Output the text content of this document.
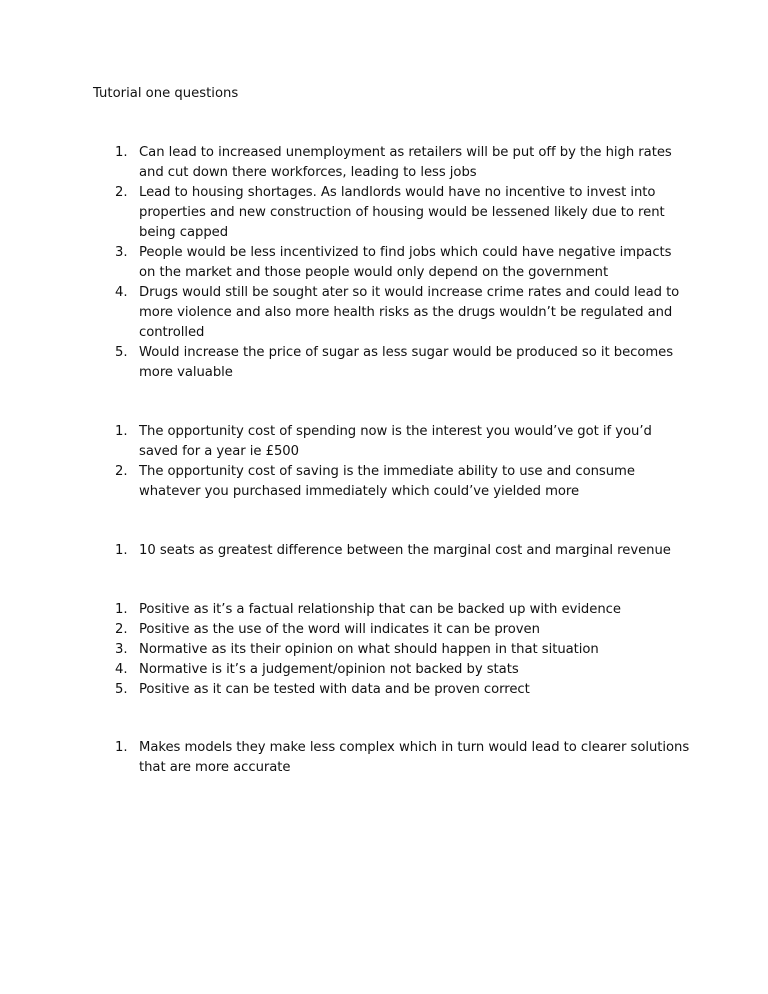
Tutorial one questions
1. Can lead to increased unemployment as retailers will be put off by the high rates and cut down there workforces, leading to less jobs
2. Lead to housing shortages. As landlords would have no incentive to invest into properties and new construction of housing would be lessened likely due to rent being capped
3. People would be less incentivized to find jobs which could have negative impacts on the market and those people would only depend on the government
4. Drugs would still be sought ater so it would increase crime rates and could lead to more violence and also more health risks as the drugs wouldn’t be regulated and controlled
5. Would increase the price of sugar as less sugar would be produced so it becomes more valuable
1. The opportunity cost of spending now is the interest you would’ve got if you’d saved for a year ie £500
2. The opportunity cost of saving is the immediate ability to use and consume whatever you purchased immediately which could’ve yielded more
1. 10 seats as greatest difference between the marginal cost and marginal revenue
1. Positive as it’s a factual relationship that can be backed up with evidence
2. Positive as the use of the word will indicates it can be proven
3. Normative as its their opinion on what should happen in that situation
4. Normative is it’s a judgement/opinion not backed by stats
5. Positive as it can be tested with data and be proven correct
1. Makes models they make less complex which in turn would lead to clearer solutions that are more accurate
